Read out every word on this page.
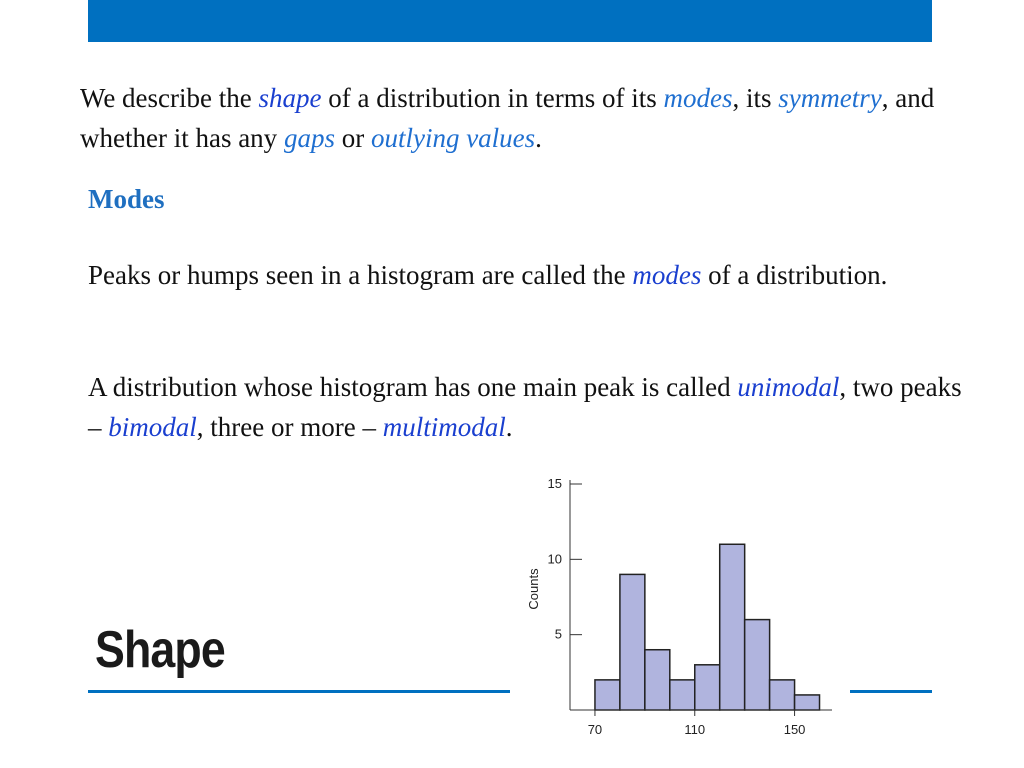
We describe the shape of a distribution in terms of its modes, its symmetry, and whether it has any gaps or outlying values.

Modes

Peaks or humps seen in a histogram are called the modes of a distribution.

A distribution whose histogram has one main peak is called unimodal, two peaks – bimodal, three or more – multimodal.

Shape	5
10
15
70	110	150
Counts
